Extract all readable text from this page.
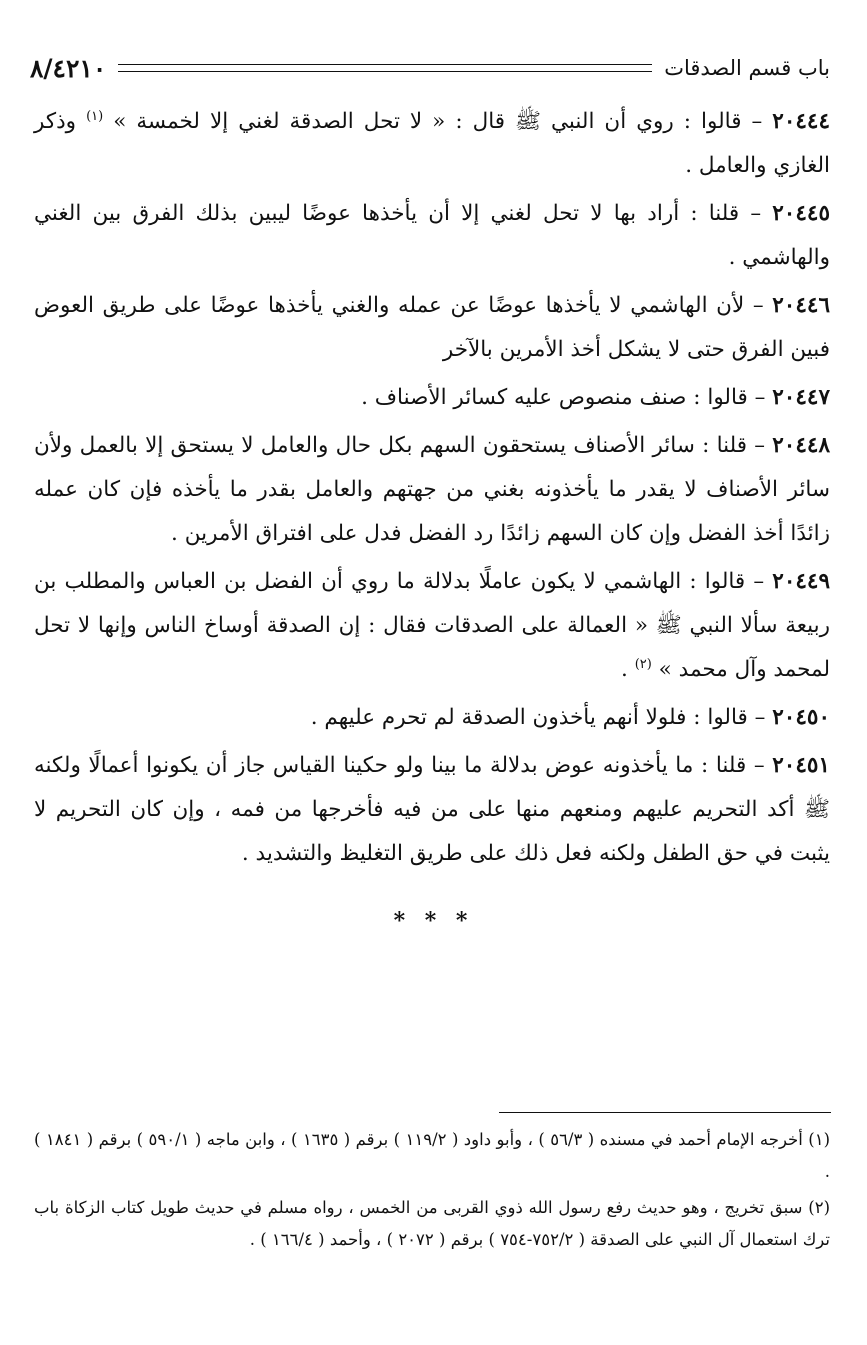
باب قسم الصدقات
٨/٤٢١٠

٢٠٤٤٤ – قالوا : روي أن النبي ﷺ قال : « لا تحل الصدقة لغني إلا لخمسة » $^{(١)}$ وذكر الغازي والعامل .

٢٠٤٤٥ – قلنا : أراد بها لا تحل لغني إلا أن يأخذها عوضًا ليبين بذلك الفرق بين الغني والهاشمي .

٢٠٤٤٦ – لأن الهاشمي لا يأخذها عوضًا عن عمله والغني يأخذها عوضًا على طريق العوض فبين الفرق حتى لا يشكل أخذ الأمرين بالآخر

٢٠٤٤٧ – قالوا : صنف منصوص عليه كسائر الأصناف .

٢٠٤٤٨ – قلنا : سائر الأصناف يستحقون السهم بكل حال والعامل لا يستحق إلا بالعمل ولأن سائر الأصناف لا يقدر ما يأخذونه بغني من جهتهم والعامل بقدر ما يأخذه فإن كان عمله زائدًا أخذ الفضل وإن كان السهم زائدًا رد الفضل فدل على افتراق الأمرين .

٢٠٤٤٩ – قالوا : الهاشمي لا يكون عاملًا بدلالة ما روي أن الفضل بن العباس والمطلب بن ربيعة سألا النبي ﷺ « العمالة على الصدقات فقال : إن الصدقة أوساخ الناس وإنها لا تحل لمحمد وآل محمد » $^{(٢)}$ .

٢٠٤٥٠ – قالوا : فلولا أنهم يأخذون الصدقة لم تحرم عليهم .

٢٠٤٥١ – قلنا : ما يأخذونه عوض بدلالة ما بينا ولو حكينا القياس جاز أن يكونوا أعمالًا ولكنه ﷺ أكد التحريم عليهم ومنعهم منها على من فيه فأخرجها من فمه ، وإن كان التحريم لا يثبت في حق الطفل ولكنه فعل ذلك على طريق التغليظ والتشديد .

* * *

(١) أخرجه الإمام أحمد في مسنده ( ٥٦/٣ ) ، وأبو داود ( ١١٩/٢ ) برقم ( ١٦٣٥ ) ، وابن ماجه ( ٥٩٠/١ ) برقم ( ١٨٤١ ) .

(٢) سبق تخريج ، وهو حديث رفع رسول الله ذوي القربى من الخمس ، رواه مسلم في حديث طويل كتاب الزكاة باب ترك استعمال آل النبي على الصدقة ( ٧٥٢/٢-٧٥٤ ) برقم ( ٢٠٧٢ ) ، وأحمد ( ١٦٦/٤ ) .
